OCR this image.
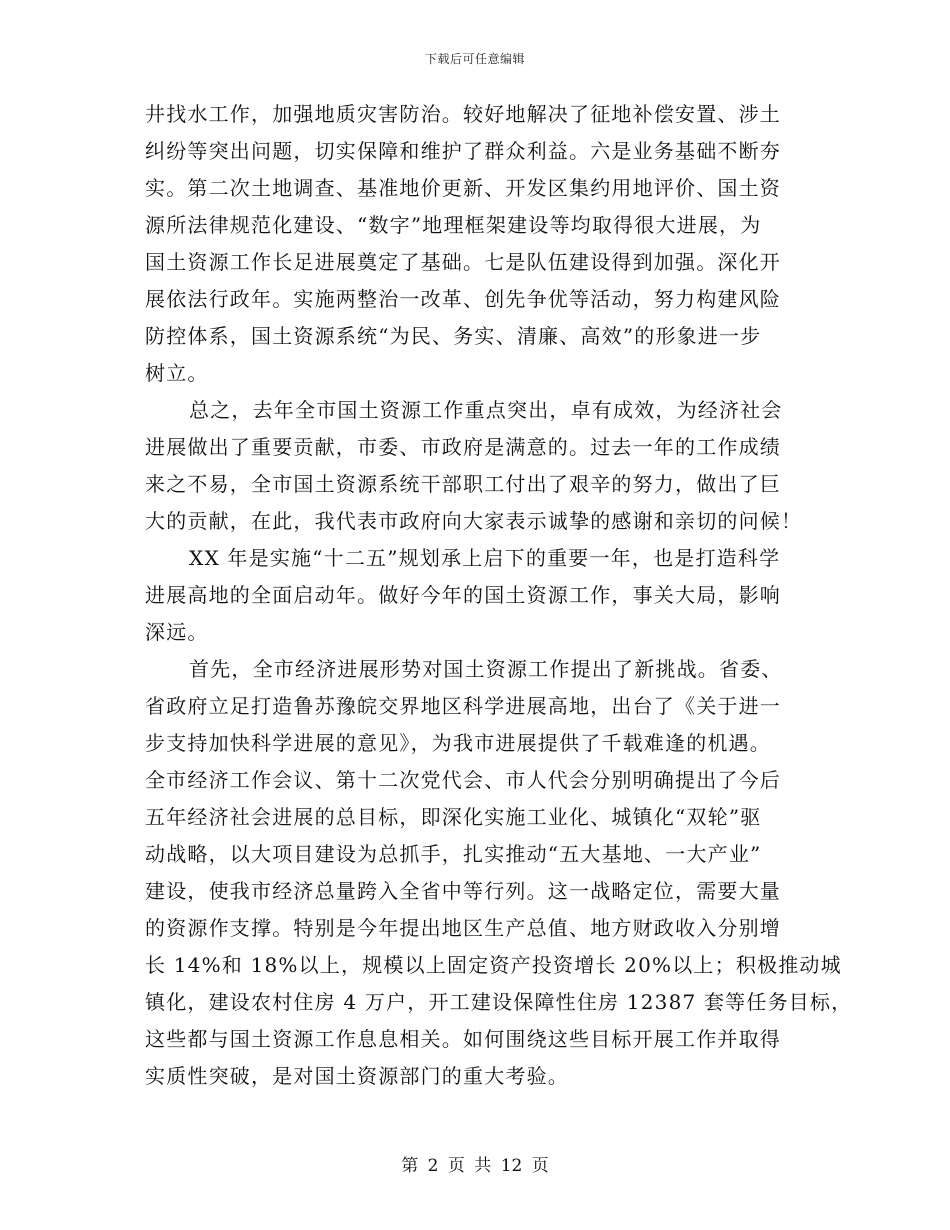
下载后可任意编辑
井找水工作，加强地质灾害防治。较好地解决了征地补偿安置、涉土
纠纷等突出问题，切实保障和维护了群众利益。六是业务基础不断夯
实。第二次土地调查、基准地价更新、开发区集约用地评价、国土资
源所法律规范化建设、“数字”地理框架建设等均取得很大进展，为
国土资源工作长足进展奠定了基础。七是队伍建设得到加强。深化开
展依法行政年。实施两整治一改革、创先争优等活动，努力构建风险
防控体系，国土资源系统“为民、务实、清廉、高效”的形象进一步
树立。
总之，去年全市国土资源工作重点突出，卓有成效，为经济社会
进展做出了重要贡献，市委、市政府是满意的。过去一年的工作成绩
来之不易，全市国土资源系统干部职工付出了艰辛的努力，做出了巨
大的贡献，在此，我代表市政府向大家表示诚挚的感谢和亲切的问候！
XX 年是实施“十二五”规划承上启下的重要一年，也是打造科学
进展高地的全面启动年。做好今年的国土资源工作，事关大局，影响
深远。
首先，全市经济进展形势对国土资源工作提出了新挑战。省委、
省政府立足打造鲁苏豫皖交界地区科学进展高地，出台了《关于进一
步支持加快科学进展的意见》，为我市进展提供了千载难逢的机遇。
全市经济工作会议、第十二次党代会、市人代会分别明确提出了今后
五年经济社会进展的总目标，即深化实施工业化、城镇化“双轮”驱
动战略，以大项目建设为总抓手，扎实推动“五大基地、一大产业”
建设，使我市经济总量跨入全省中等行列。这一战略定位，需要大量
的资源作支撑。特别是今年提出地区生产总值、地方财政收入分别增
长 14%和 18%以上，规模以上固定资产投资增长 20%以上；积极推动城
镇化，建设农村住房 4 万户，开工建设保障性住房 12387 套等任务目标，
这些都与国土资源工作息息相关。如何围绕这些目标开展工作并取得
实质性突破，是对国土资源部门的重大考验。
第 2 页 共 12 页
